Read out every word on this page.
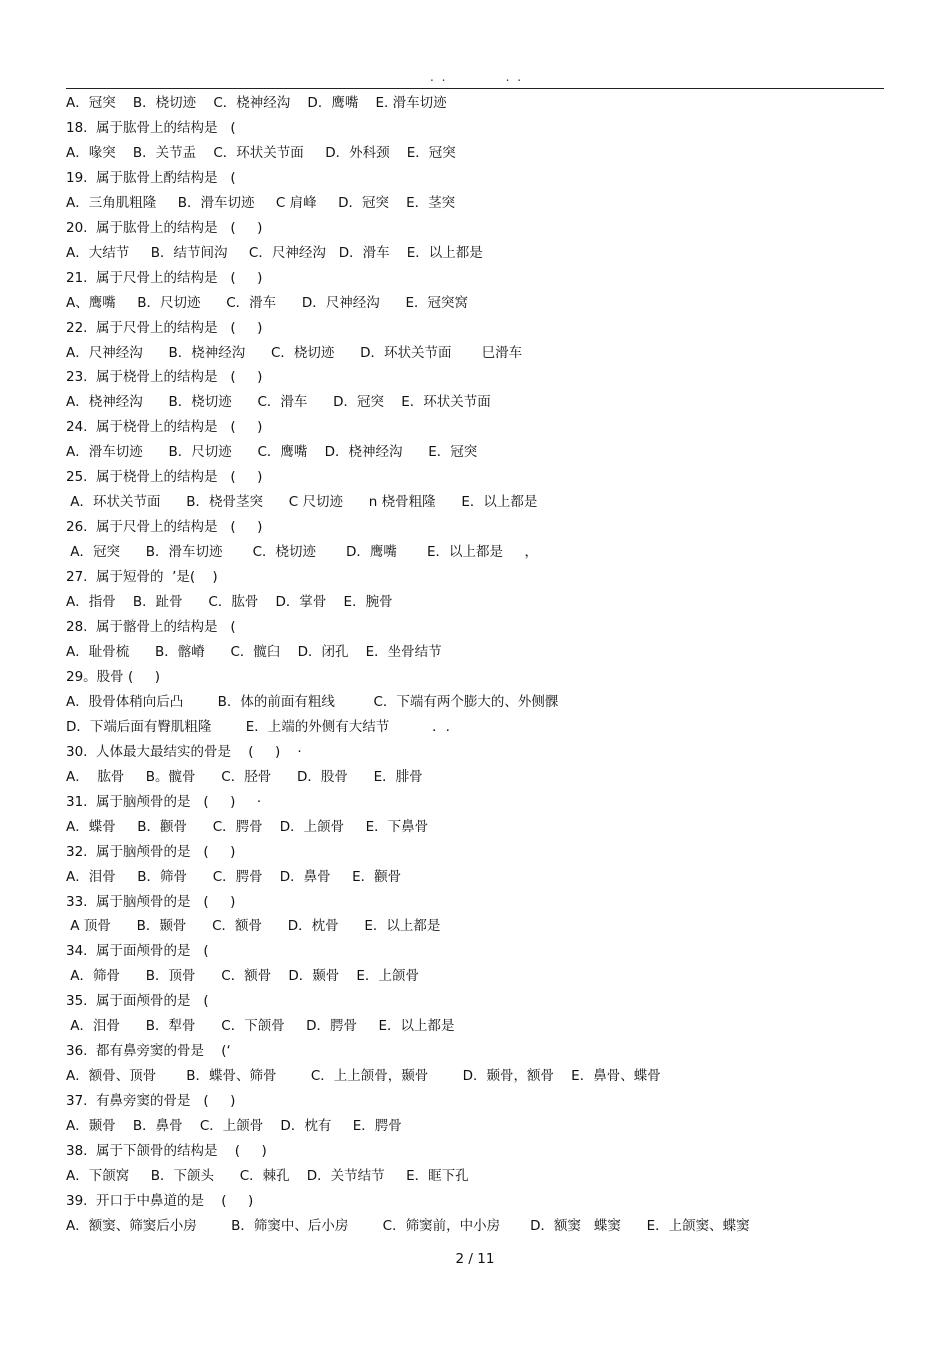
. .          . .
A．冠突    B．桡切迹    C．桡神经沟    D．鹰嘴    E. 滑车切迹
18.  属于肱骨上的结构是   (
A．喙突    B．关节盂    C．环状关节面     D．外科颈    E．冠突
19.  属于肱骨上酌结构是   (
A．三角肌粗隆     B．滑车切迹     C 肩峰     D．冠突    E．茎突
20.  属于肱骨上的结构是   (     )
A．大结节     B．结节间沟     C．尺神经沟   D．滑车    E．以上都是
21.  属于尺骨上的结构是   (     )
A、鹰嘴     B．尺切迹      C．滑车      D．尺神经沟      E．冠突窝
22.  属于尺骨上的结构是   (     )
A．尺神经沟      B．桡神经沟      C．桡切迹      D．环状关节面       巳滑车
23.  属于桡骨上的结构是   (     )
A．桡神经沟      B．桡切迹      C．滑车      D．冠突    E．环状关节面
24.  属于桡骨上的结构是   (     )
A．滑车切迹      B．尺切迹      C．鹰嘴    D．桡神经沟      E．冠突
25.  属于桡骨上的结构是   (     )
A．环状关节面      B．桡骨茎突      C 尺切迹      n 桡骨粗隆      E．以上都是
26.  属于尺骨上的结构是   (     )
A．冠突      B．滑车切迹       C．桡切迹       D．鹰嘴       E．以上都是     ，
27.  属于短骨的  ’是(    )
A．指骨    B．趾骨      C．肱骨    D．掌骨    E．腕骨
28.  属于髂骨上的结构是   (
A．耻骨梳      B．髂嵴      C．髋臼    D．闭孔    E．坐骨结节
29。股骨 (     )
A．股骨体稍向后凸        B．体的前面有粗线         C．下端有两个膨大的、外侧髁
D．下端后面有臀肌粗隆        E．上端的外侧有大结节          ．.
30.  人体最大最结实的骨是    (     )    ·
A．  肱骨     B。髋骨      C．胫骨      D．股骨      E．腓骨
31.  属于脑颅骨的是   (     )     ·
A．蝶骨     B．颧骨      C．腭骨    D．上颌骨     E．下鼻骨
32.  属于脑颅骨的是   (     )
A．泪骨     B．筛骨      C．腭骨    D．鼻骨     E．颧骨
33.  属于脑颅骨的是   (     )
A 顶骨      B．颞骨      C．额骨      D．枕骨      E．以上都是
34.  属于面颅骨的是   (
A．筛骨      B．顶骨      C．额骨    D．颞骨    E．上颌骨
35.  属于面颅骨的是   (
A．泪骨      B．犁骨      C．下颌骨     D．腭骨     E．以上都是
36.  都有鼻旁窦的骨是    (‘
A．额骨、顶骨       B．蝶骨、筛骨        C．上上颌骨，颞骨        D．颞骨，额骨    E．鼻骨、蝶骨
37.  有鼻旁窦的骨是   (     )
A．颞骨    B．鼻骨    C．上颌骨    D．枕有     E．腭骨
38.  属于下颌骨的结构是    (     )
A．下颌窝     B．下颌头      C．棘孔    D．关节结节     E．眶下孔
39.  开口于中鼻道的是    (     )
A．额窦、筛窦后小房        B．筛窦中、后小房        C．筛窦前，中小房       D．额窦   蝶窦      E．上颌窦、蝶窦
2 / 11
